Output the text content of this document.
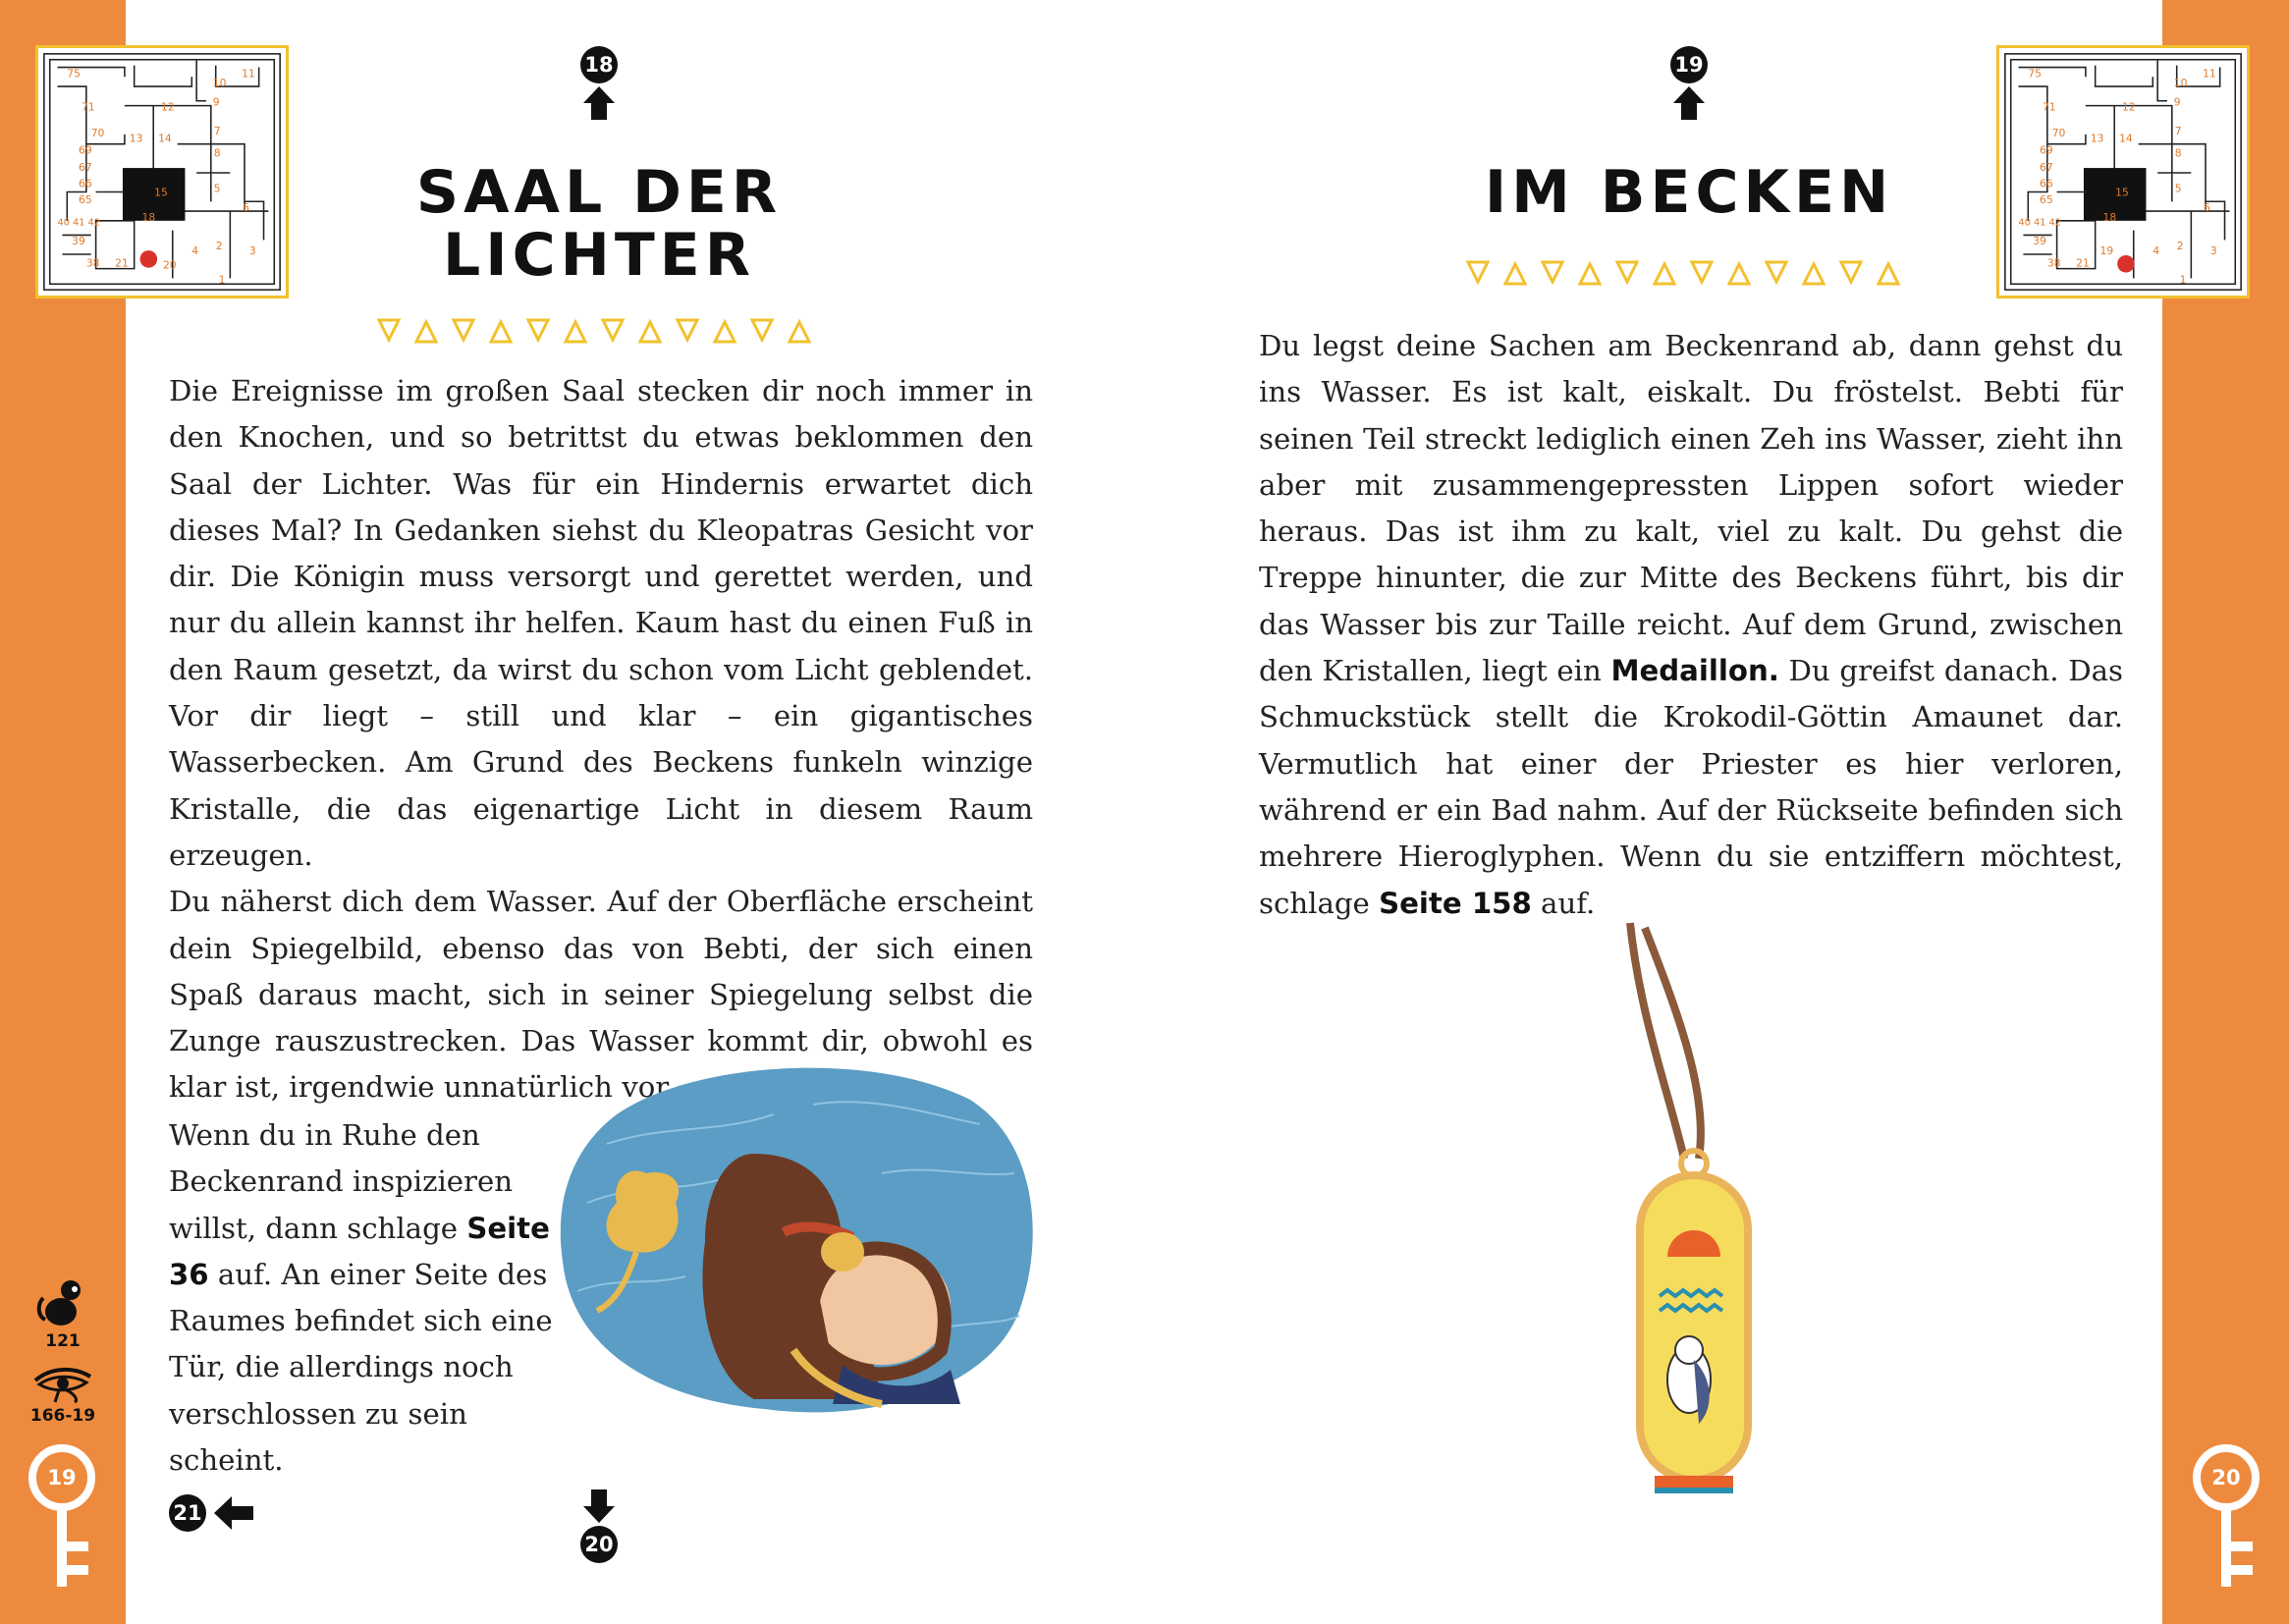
75
71
70
69
67
66
65
40 41 42
39
38 21	20
18
12
13 14
11
10
9
7
8
5
6
4 2 3
1
15
75
71
70
69
67
66
65
40 41 42
39
38 21
19
18
12
13 14
11
10
9
7
8
5
6
4 2 3
1
15
18
SAAL DER
LICHTER

Die Ereignisse im großen Saal stecken dir noch immer in den Knochen, und so betrittst du etwas beklommen den Saal der Lichter. Was für ein Hindernis erwartet dich dieses Mal? In Gedanken siehst du Kleopatras Gesicht vor dir. Die Königin muss versorgt und gerettet werden, und nur du allein kannst ihr helfen. Kaum hast du einen Fuß in den Raum gesetzt, da wirst du schon vom Licht geblendet. Vor dir liegt – still und klar – ein gigantisches Wasserbecken. Am Grund des Beckens funkeln winzige Kristalle, die das eigenartige Licht in diesem Raum erzeugen.

Du näherst dich dem Wasser. Auf der Oberfläche erscheint dein Spiegelbild, ebenso das von Bebti, der sich einen Spaß daraus macht, sich in seiner Spiegelung selbst die Zunge rauszustrecken. Das Wasser kommt dir, obwohl es klar ist, irgendwie unnatürlich vor.

Wenn du in Ruhe den Beckenrand inspizieren willst, dann schlage Seite 36 auf. An einer Seite des Raumes befindet sich eine Tür, die allerdings noch verschlossen zu sein scheint.
121
166-19
19
21
20
19
IM BECKEN
Du legst deine Sachen am Beckenrand ab, dann gehst du ins Wasser. Es ist kalt, eiskalt. Du fröstelst. Bebti für seinen Teil streckt lediglich einen Zeh ins Wasser, zieht ihn aber mit zusammengepressten Lippen sofort wieder heraus. Das ist ihm zu kalt, viel zu kalt. Du gehst die Treppe hinunter, die zur Mitte des Beckens führt, bis dir das Wasser bis zur Taille reicht. Auf dem Grund, zwischen den Kristallen, liegt ein Medaillon. Du greifst danach. Das Schmuckstück stellt die Krokodil-Göttin Amaunet dar. Vermutlich hat einer der Priester es hier verloren, während er ein Bad nahm. Auf der Rückseite befinden sich mehrere Hieroglyphen. Wenn du sie entziffern möchtest, schlage Seite 158 auf.
20
